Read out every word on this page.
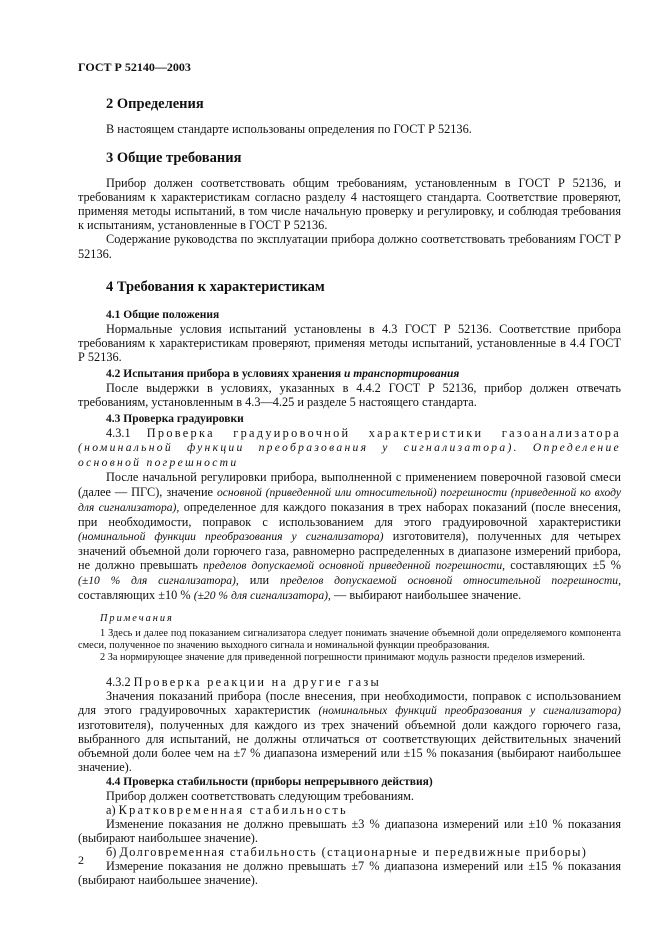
ГОСТ Р 52140—2003
2 Определения

В настоящем стандарте использованы определения по ГОСТ Р 52136.

3 Общие требования

Прибор должен соответствовать общим требованиям, установленным в ГОСТ Р 52136, и требованиям к характеристикам согласно разделу 4 настоящего стандарта. Соответствие проверяют, применяя методы испытаний, в том числе начальную проверку и регулировку, и соблюдая требования к испытаниям, установленные в ГОСТ Р 52136.

Содержание руководства по эксплуатации прибора должно соответствовать требованиям ГОСТ Р 52136.

4 Требования к характеристикам
4.1 Общие положения

Нормальные условия испытаний установлены в 4.3 ГОСТ Р 52136. Соответствие прибора требованиям к характеристикам проверяют, применяя методы испытаний, установленные в 4.4 ГОСТ Р 52136.

4.2 Испытания прибора в условиях хранения и транспортирования

После выдержки в условиях, указанных в 4.4.2 ГОСТ Р 52136, прибор должен отвечать требованиям, установленным в 4.3—4.25 и разделе 5 настоящего стандарта.

4.3 Проверка градуировки

4.3.1 Проверка градуировочной характеристики газоанализатора (номинальной функции преобразования у сигнализатора). Определение основной погрешности

После начальной регулировки прибора, выполненной с применением поверочной газовой смеси (далее — ПГС), значение основной (приведенной или относительной) погрешности (приведенной ко входу для сигнализатора), определенное для каждого показания в трех наборах показаний (после внесения, при необходимости, поправок с использованием для этого градуировочной характеристики (номинальной функции преобразования у сигнализатора) изготовителя), полученных для четырех значений объемной доли горючего газа, равномерно распределенных в диапазоне измерений прибора, не должно превышать пределов допускаемой основной приведенной погрешности, составляющих ±5 % (±10 % для сигнализатора), или пределов допускаемой основной относительной погрешности, составляющих ±10 % (±20 % для сигнализатора), — выбирают наибольшее значение.

Примечания

1 Здесь и далее под показанием сигнализатора следует понимать значение объемной доли определяемого компонента смеси, полученное по значению выходного сигнала и номинальной функции преобразования.

2 За нормирующее значение для приведенной погрешности принимают модуль разности пределов измерений.

4.3.2 Проверка реакции на другие газы

Значения показаний прибора (после внесения, при необходимости, поправок с использованием для этого градуировочных характеристик (номинальных функций преобразования у сигнализатора) изготовителя), полученных для каждого из трех значений объемной доли каждого горючего газа, выбранного для испытаний, не должны отличаться от соответствующих действительных значений объемной доли более чем на ±7 % диапазона измерений или ±15 % показания (выбирают наибольшее значение).

4.4 Проверка стабильности (приборы непрерывного действия)

Прибор должен соответствовать следующим требованиям.

а) Кратковременная стабильность

Изменение показания не должно превышать ±3 % диапазона измерений или ±10 % показания (выбирают наибольшее значение).

б) Долговременная стабильность (стационарные и передвижные приборы)

Измерение показания не должно превышать ±7 % диапазона измерений или ±15 % показания (выбирают наибольшее значение).

2
